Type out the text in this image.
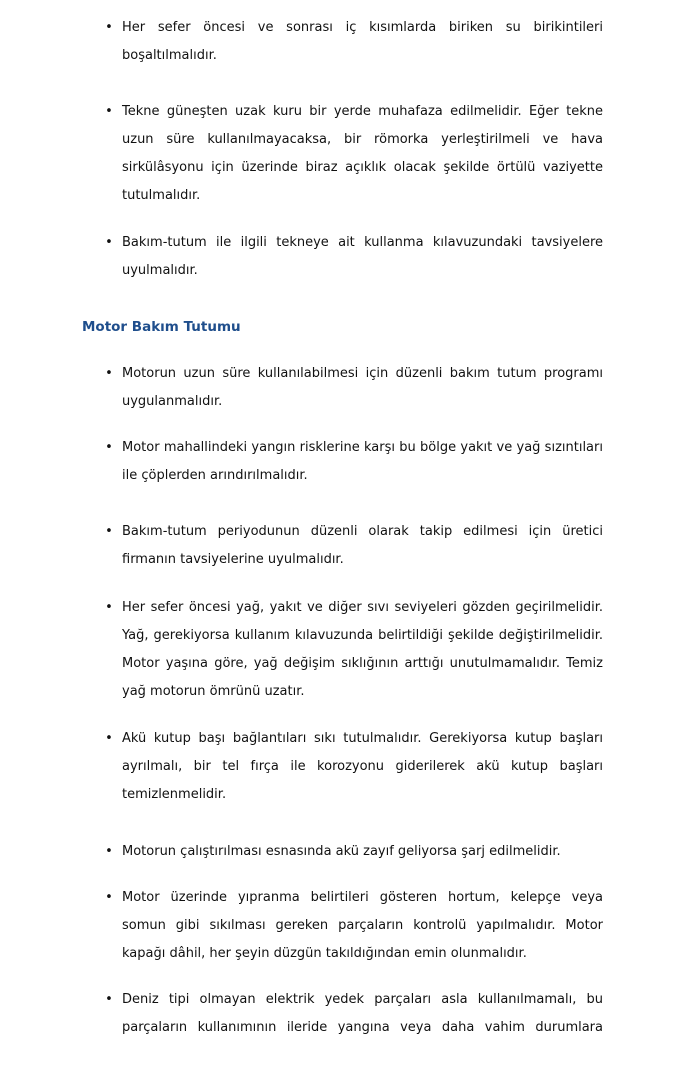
• Her sefer öncesi ve sonrası iç kısımlarda biriken su birikintileri boşaltılmalıdır.

• Tekne güneşten uzak kuru bir yerde muhafaza edilmelidir. Eğer tekne uzun süre kullanılmayacaksa, bir römorka yerleştirilmeli ve hava sirkülâsyonu için üzerinde biraz açıklık olacak şekilde örtülü vaziyette tutulmalıdır.

• Bakım-tutum ile ilgili tekneye ait kullanma kılavuzundaki tavsiyelere uyulmalıdır.

Motor Bakım Tutumu
• Motorun uzun süre kullanılabilmesi için düzenli bakım tutum programı uygulanmalıdır.

• Motor mahallindeki yangın risklerine karşı bu bölge yakıt ve yağ sızıntıları ile çöplerden arındırılmalıdır.

• Bakım-tutum periyodunun düzenli olarak takip edilmesi için üretici firmanın tavsiyelerine uyulmalıdır.

• Her sefer öncesi yağ, yakıt ve diğer sıvı seviyeleri gözden geçirilmelidir. Yağ, gerekiyorsa kullanım kılavuzunda belirtildiği şekilde değiştirilmelidir. Motor yaşına göre, yağ değişim sıklığının arttığı unutulmamalıdır. Temiz yağ motorun ömrünü uzatır.

• Akü kutup başı bağlantıları sıkı tutulmalıdır. Gerekiyorsa kutup başları ayrılmalı, bir tel fırça ile korozyonu giderilerek akü kutup başları temizlenmelidir.

• Motorun çalıştırılması esnasında akü zayıf geliyorsa şarj edilmelidir.

• Motor üzerinde yıpranma belirtileri gösteren hortum, kelepçe veya somun gibi sıkılması gereken parçaların kontrolü yapılmalıdır. Motor kapağı dâhil, her şeyin düzgün takıldığından emin olunmalıdır.

• Deniz tipi olmayan elektrik yedek parçaları asla kullanılmamalı, bu parçaların kullanımının ileride yangına veya daha vahim durumlara
